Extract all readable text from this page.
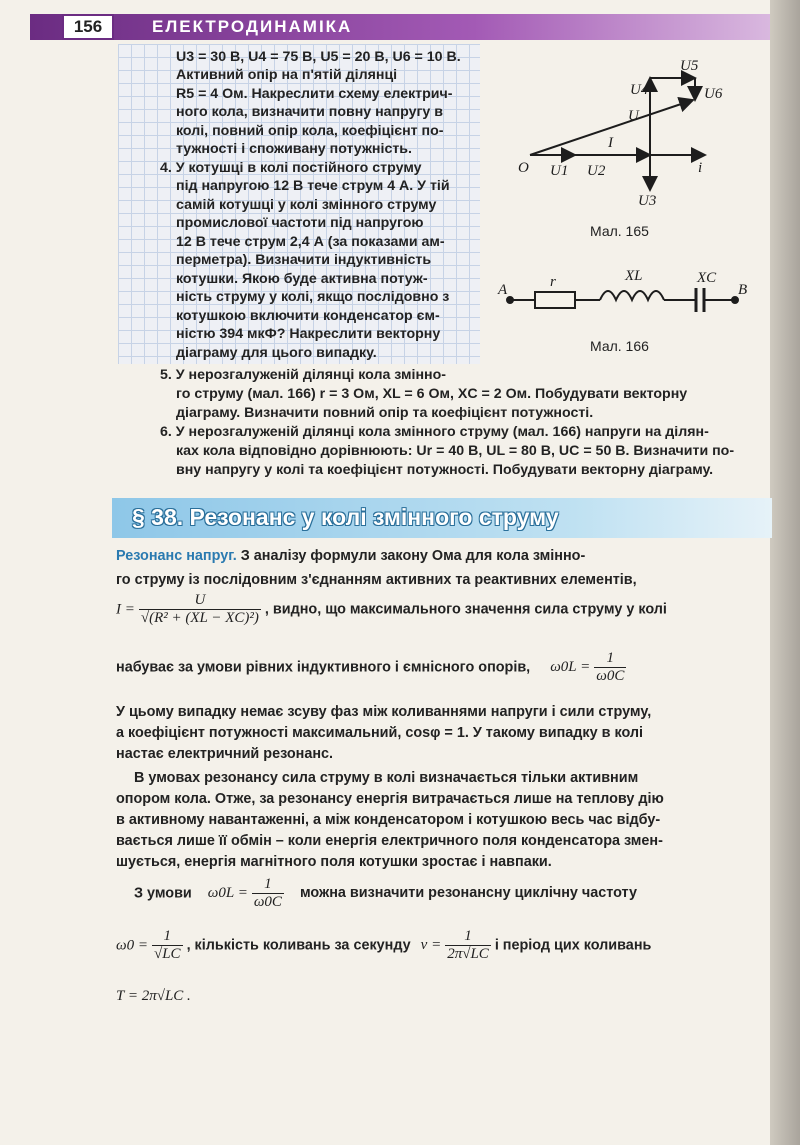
156	ЕЛЕКТРОДИНАМІКА
U3 = 30 В, U4 = 75 В, U5 = 20 В, U6 = 10 В.
Активний опір на п'ятій ділянці
R5 = 4 Ом. Накреслити схему електрич-
ного кола, визначити повну напругу в
колі, повний опір кола, коефіцієнт по-
тужності і споживану потужність.
4. У котушці в колі постійного струму
під напругою 12 В тече струм 4 А. У тій
самій котушці у колі змінного струму
промислової частоти під напругою
12 В тече струм 2,4 А (за показами ам-
перметра). Визначити індуктивність
котушки. Якою буде активна потуж-
ність струму у колі, якщо послідовно з
котушкою включити конденсатор єм-
ністю 394 мкФ? Накреслити векторну
діаграму для цього випадку.
5. У нерозгалуженій ділянці кола змінно-
го струму (мал. 166) r = 3 Ом, XL = 6 Ом, XC = 2 Ом. Побудувати векторну
діаграму. Визначити повний опір та коефіцієнт потужності.
6. У нерозгалуженій ділянці кола змінного струму (мал. 166) напруги на ділян-
ках кола відповідно дорівнюють: Ur = 40 В, UL = 80 В, UC = 50 В. Визначити по-
вну напругу у колі та коефіцієнт потужності. Побудувати векторну діаграму.
O U1 U2
U3
U4
U5
U6
U
I
i
Мал. 165
A	r	XL	XC
B
Мал. 166
§ 38. Резонанс у колі змінного струму
Резонанс напруг. З аналізу формули закону Ома для кола змінно-
го струму із послідовним з'єднанням активних та реактивних елементів,
$I = \frac{U}{\text{√(R² + (XL − XC)²)}}$ , видно, що максимального значення сила струму у колі
набуває за умови рівних індуктивного і ємнісного опорів, $\omega 0L = \frac{1}{\omega 0C}$
У цьому випадку немає зсуву фаз між коливаннями напруги і сили струму,
а коефіцієнт потужності максимальний, cosφ = 1. У такому випадку в колі
настає електричний резонанс.
В умовах резонансу сила струму в колі визначається тільки активним
опором кола. Отже, за резонансу енергія витрачається лише на теплову дію
в активному навантаженні, а між конденсатором і котушкою весь час відбу-
вається лише її обмін – коли енергія електричного поля конденсатора змен-
шується, енергія магнітного поля котушки зростає і навпаки.
З умови $\omega 0L = \frac{1}{\omega 0C}$ можна визначити резонансну циклічну частоту
$\omega 0 = \frac{1}{√LC}$ , кількість коливань за секунду $\nu = \frac{1}{2\pi√LC}$ і період цих коливань
T = 2π√LC .
